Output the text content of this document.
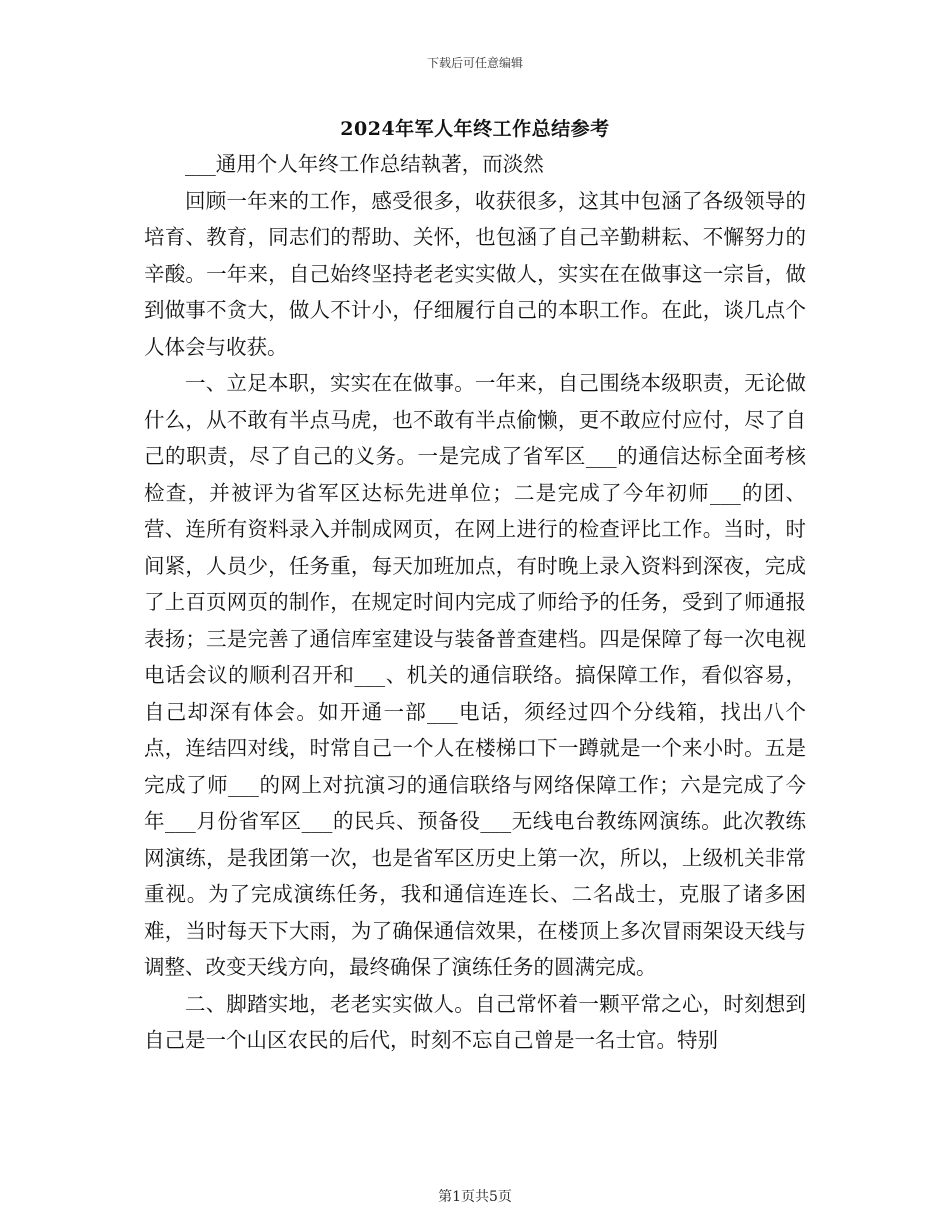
下载后可任意编辑
2024年军人年终工作总结参考

___通用个人年终工作总结執著，而淡然

回顾一年来的工作，感受很多，收获很多，这其中包涵了各级领导的培育、教育，同志们的帮助、关怀，也包涵了自己辛勤耕耘、不懈努力的辛酸。一年来，自己始终坚持老老实实做人，实实在在做事这一宗旨，做到做事不贪大，做人不计小，仔细履行自己的本职工作。在此，谈几点个人体会与收获。

一、立足本职，实实在在做事。一年来，自己围绕本级职责，无论做什么，从不敢有半点马虎，也不敢有半点偷懒，更不敢应付应付，尽了自己的职责，尽了自己的义务。一是完成了省军区___的通信达标全面考核检查，并被评为省军区达标先进单位；二是完成了今年初师___的团、营、连所有资料录入并制成网页，在网上进行的检查评比工作。当时，时间紧，人员少，任务重，每天加班加点，有时晚上录入资料到深夜，完成了上百页网页的制作，在规定时间内完成了师给予的任务，受到了师通报表扬；三是完善了通信库室建设与装备普查建档。四是保障了每一次电视电话会议的顺利召开和___、机关的通信联络。搞保障工作，看似容易，自己却深有体会。如开通一部___电话，须经过四个分线箱，找出八个点，连结四对线，时常自己一个人在楼梯口下一蹲就是一个来小时。五是完成了师___的网上对抗演习的通信联络与网络保障工作；六是完成了今年___月份省军区___的民兵、预备役___无线电台教练网演练。此次教练网演练，是我团第一次，也是省军区历史上第一次，所以，上级机关非常重视。为了完成演练任务，我和通信连连长、二名战士，克服了诸多困难，当时每天下大雨，为了确保通信效果，在楼顶上多次冒雨架设天线与调整、改变天线方向，最终确保了演练任务的圆满完成。

二、脚踏实地，老老实实做人。自己常怀着一颗平常之心，时刻想到自己是一个山区农民的后代，时刻不忘自己曾是一名士官。特别

第1页共5页
